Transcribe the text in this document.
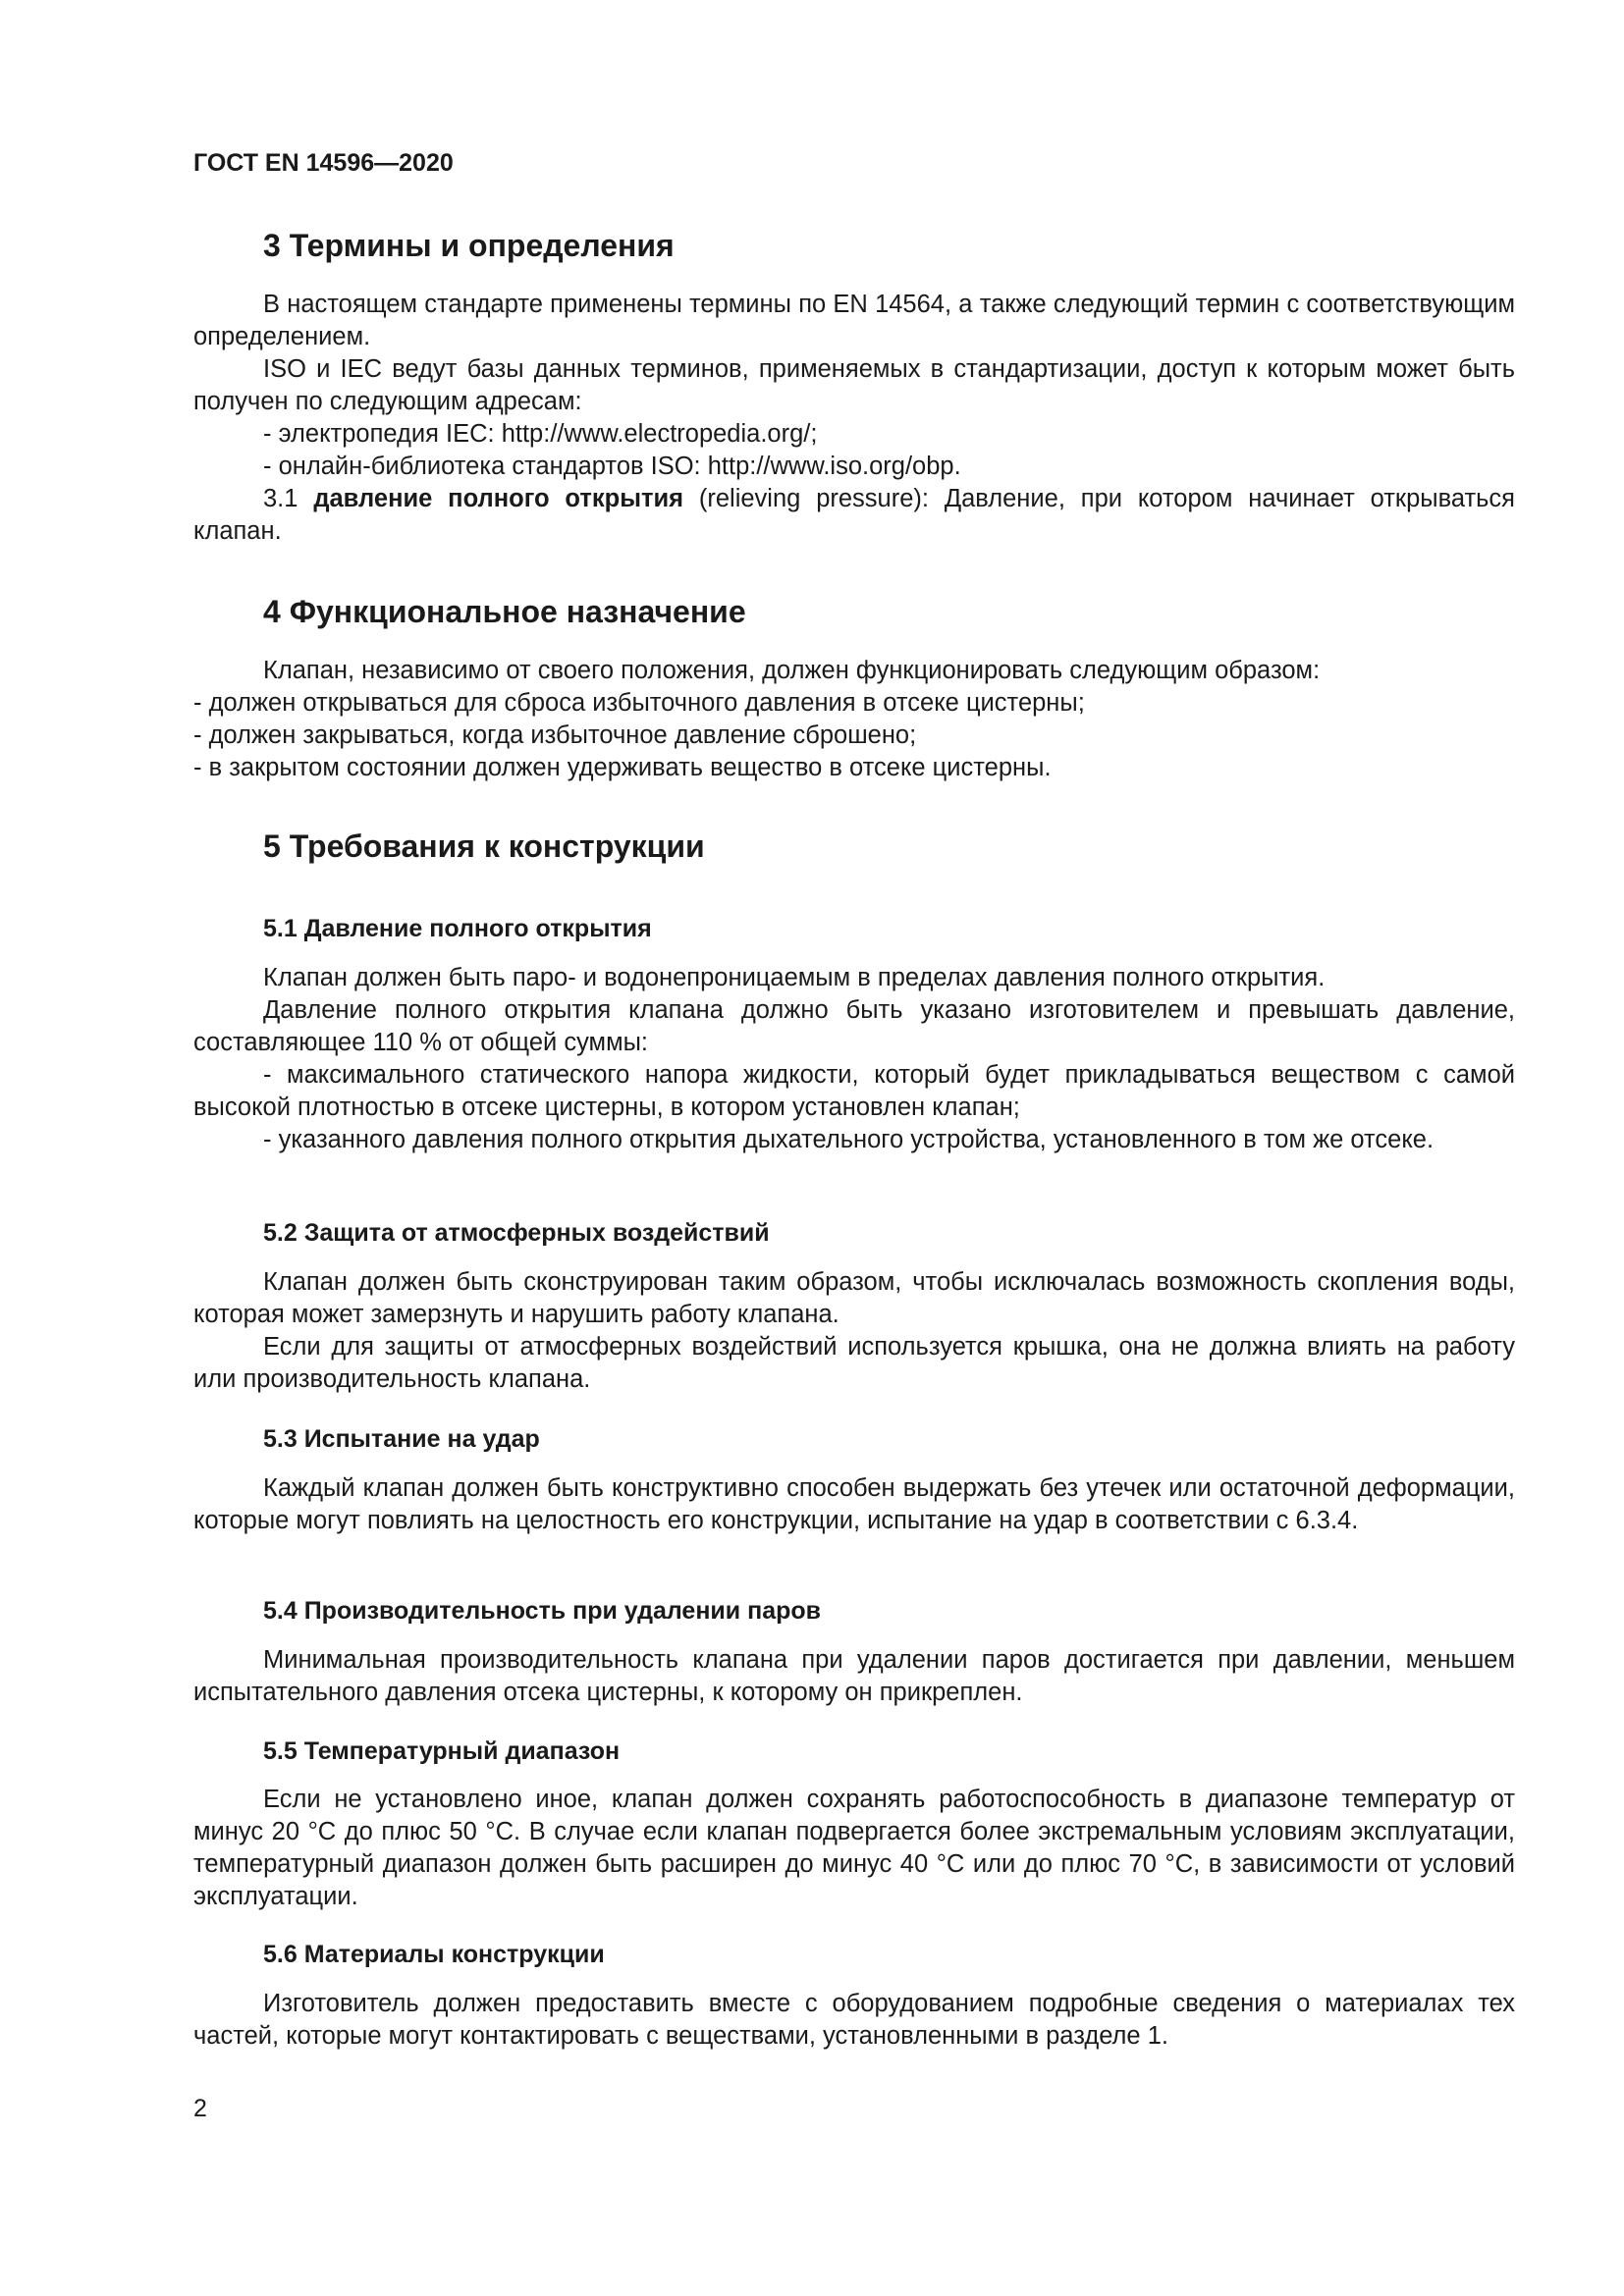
ГОСТ EN 14596—2020

3 Термины и определения

В настоящем стандарте применены термины по EN 14564, а также следующий термин с соответствующим определением.

ISO и IEC ведут базы данных терминов, применяемых в стандартизации, доступ к которым может быть получен по следующим адресам:

- электропедия IEC: http://www.electropedia.org/;

- онлайн-библиотека стандартов ISO: http://www.iso.org/obp.

3.1 давление полного открытия (relieving pressure): Давление, при котором начинает открываться клапан.

4 Функциональное назначение

Клапан, независимо от своего положения, должен функционировать следующим образом:

- должен открываться для сброса избыточного давления в отсеке цистерны;

- должен закрываться, когда избыточное давление сброшено;

- в закрытом состоянии должен удерживать вещество в отсеке цистерны.

5 Требования к конструкции
5.1 Давление полного открытия

Клапан должен быть паро- и водонепроницаемым в пределах давления полного открытия.

Давление полного открытия клапана должно быть указано изготовителем и превышать давление, составляющее 110 % от общей суммы:

- максимального статического напора жидкости, который будет прикладываться веществом с самой высокой плотностью в отсеке цистерны, в котором установлен клапан;

- указанного давления полного открытия дыхательного устройства, установленного в том же отсеке.

5.2 Защита от атмосферных воздействий

Клапан должен быть сконструирован таким образом, чтобы исключалась возможность скопления воды, которая может замерзнуть и нарушить работу клапана.

Если для защиты от атмосферных воздействий используется крышка, она не должна влиять на работу или производительность клапана.

5.3 Испытание на удар

Каждый клапан должен быть конструктивно способен выдержать без утечек или остаточной деформации, которые могут повлиять на целостность его конструкции, испытание на удар в соответствии с 6.3.4.

5.4 Производительность при удалении паров

Минимальная производительность клапана при удалении паров достигается при давлении, меньшем испытательного давления отсека цистерны, к которому он прикреплен.

5.5 Температурный диапазон

Если не установлено иное, клапан должен сохранять работоспособность в диапазоне температур от минус 20 °С до плюс 50 °С. В случае если клапан подвергается более экстремальным условиям эксплуатации, температурный диапазон должен быть расширен до минус 40 °С или до плюс 70 °С, в зависимости от условий эксплуатации.

5.6 Материалы конструкции

Изготовитель должен предоставить вместе с оборудованием подробные сведения о материалах тех частей, которые могут контактировать с веществами, установленными в разделе 1.

2
